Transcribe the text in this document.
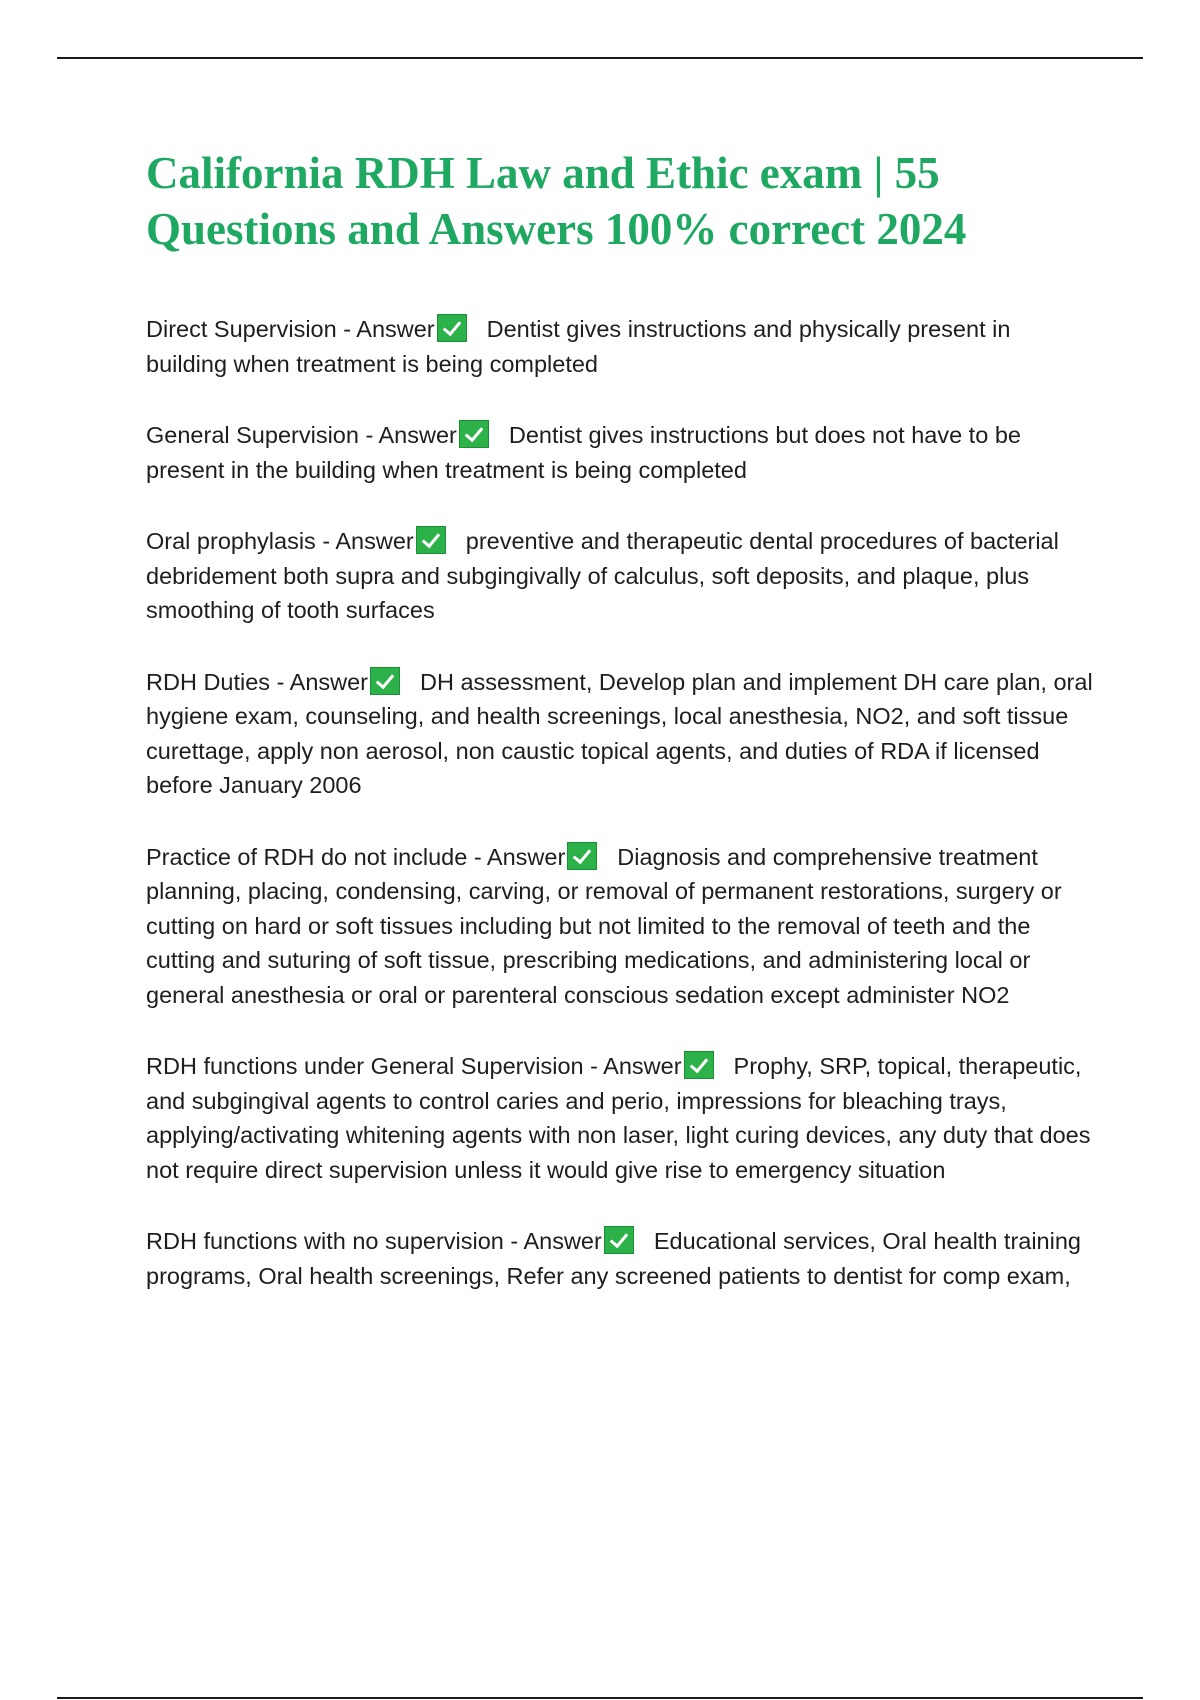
California RDH Law and Ethic exam | 55 Questions and Answers 100% correct 2024

Direct Supervision - Answer Dentist gives instructions and physically present in building when treatment is being completed

General Supervision - Answer Dentist gives instructions but does not have to be present in the building when treatment is being completed

Oral prophylasis - Answer preventive and therapeutic dental procedures of bacterial debridement both supra and subgingivally of calculus, soft deposits, and plaque, plus smoothing of tooth surfaces

RDH Duties - Answer DH assessment, Develop plan and implement DH care plan, oral hygiene exam, counseling, and health screenings, local anesthesia, NO2, and soft tissue curettage, apply non aerosol, non caustic topical agents, and duties of RDA if licensed before January 2006

Practice of RDH do not include - Answer Diagnosis and comprehensive treatment planning, placing, condensing, carving, or removal of permanent restorations, surgery or cutting on hard or soft tissues including but not limited to the removal of teeth and the cutting and suturing of soft tissue, prescribing medications, and administering local or general anesthesia or oral or parenteral conscious sedation except administer NO2

RDH functions under General Supervision - Answer Prophy, SRP, topical, therapeutic, and subgingival agents to control caries and perio, impressions for bleaching trays, applying/activating whitening agents with non laser, light curing devices, any duty that does not require direct supervision unless it would give rise to emergency situation

RDH functions with no supervision - Answer Educational services, Oral health training programs, Oral health screenings, Refer any screened patients to dentist for comp exam,
